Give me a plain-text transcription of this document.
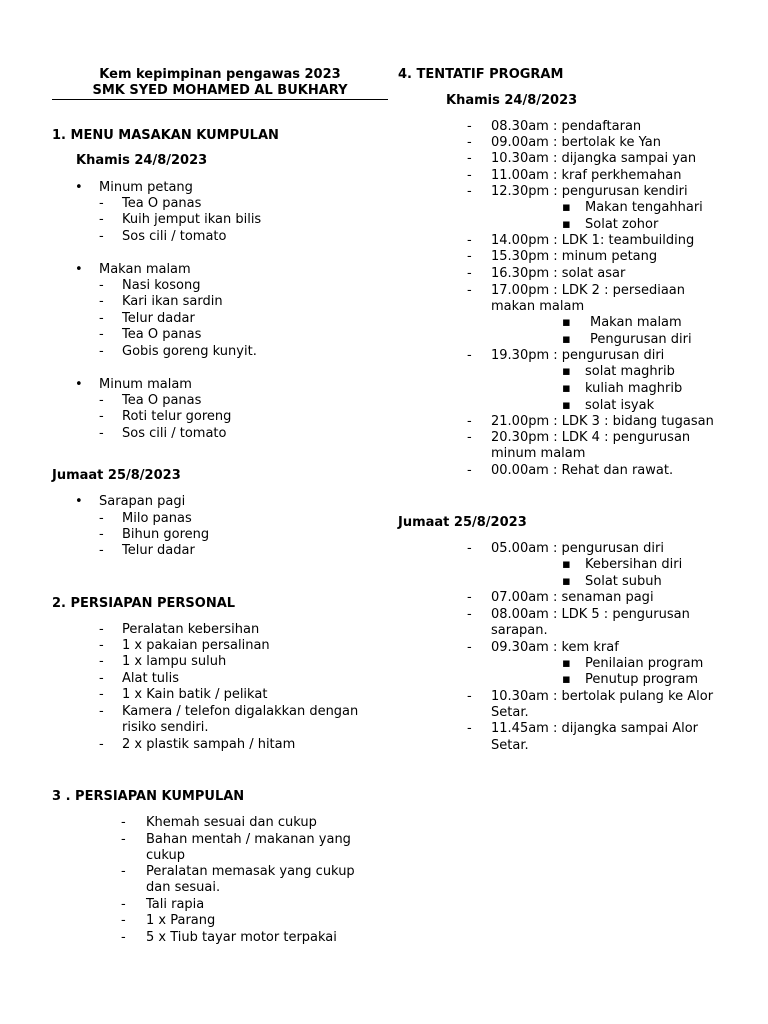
Kem kepimpinan pengawas 2023
SMK SYED MOHAMED AL BUKHARY
1. MENU MASAKAN KUMPULAN
Khamis 24/8/2023
• Minum petang
- Tea O panas
- Kuih jemput ikan bilis
- Sos cili / tomato
• Makan malam
- Nasi kosong
- Kari ikan sardin
- Telur dadar
- Tea O panas
- Gobis goreng kunyit.
• Minum malam
- Tea O panas
- Roti telur goreng
- Sos cili / tomato
Jumaat 25/8/2023
• Sarapan pagi
- Milo panas
- Bihun goreng
- Telur dadar
2. PERSIAPAN PERSONAL
- Peralatan kebersihan
- 1 x pakaian persalinan
- 1 x lampu suluh
- Alat tulis
- 1 x Kain batik / pelikat
- Kamera / telefon digalakkan dengan
risiko sendiri.
- 2 x plastik sampah / hitam
3 . PERSIAPAN KUMPULAN
- Khemah sesuai dan cukup
- Bahan mentah / makanan yang
cukup
- Peralatan memasak yang cukup
dan sesuai.
- Tali rapia
- 1 x Parang
- 5 x Tiub tayar motor terpakai
4. TENTATIF PROGRAM
Khamis 24/8/2023
- 08.30am : pendaftaran
- 09.00am : bertolak ke Yan
- 10.30am : dijangka sampai yan
- 11.00am : kraf perkhemahan
- 12.30pm : pengurusan kendiri
▪ Makan tengahhari
▪ Solat zohor
- 14.00pm : LDK 1: teambuilding
- 15.30pm : minum petang
- 16.30pm : solat asar
- 17.00pm : LDK 2 : persediaan
makan malam
▪ Makan malam
▪ Pengurusan diri
- 19.30pm : pengurusan diri
▪ solat maghrib
▪ kuliah maghrib
▪ solat isyak
- 21.00pm : LDK 3 : bidang tugasan
- 20.30pm : LDK 4 : pengurusan
minum malam
- 00.00am : Rehat dan rawat.
Jumaat 25/8/2023
- 05.00am : pengurusan diri
▪ Kebersihan diri
▪ Solat subuh
- 07.00am : senaman pagi
- 08.00am : LDK 5 : pengurusan
sarapan.
- 09.30am : kem kraf
▪ Penilaian program
▪ Penutup program
- 10.30am : bertolak pulang ke Alor
Setar.
- 11.45am : dijangka sampai Alor
Setar.
